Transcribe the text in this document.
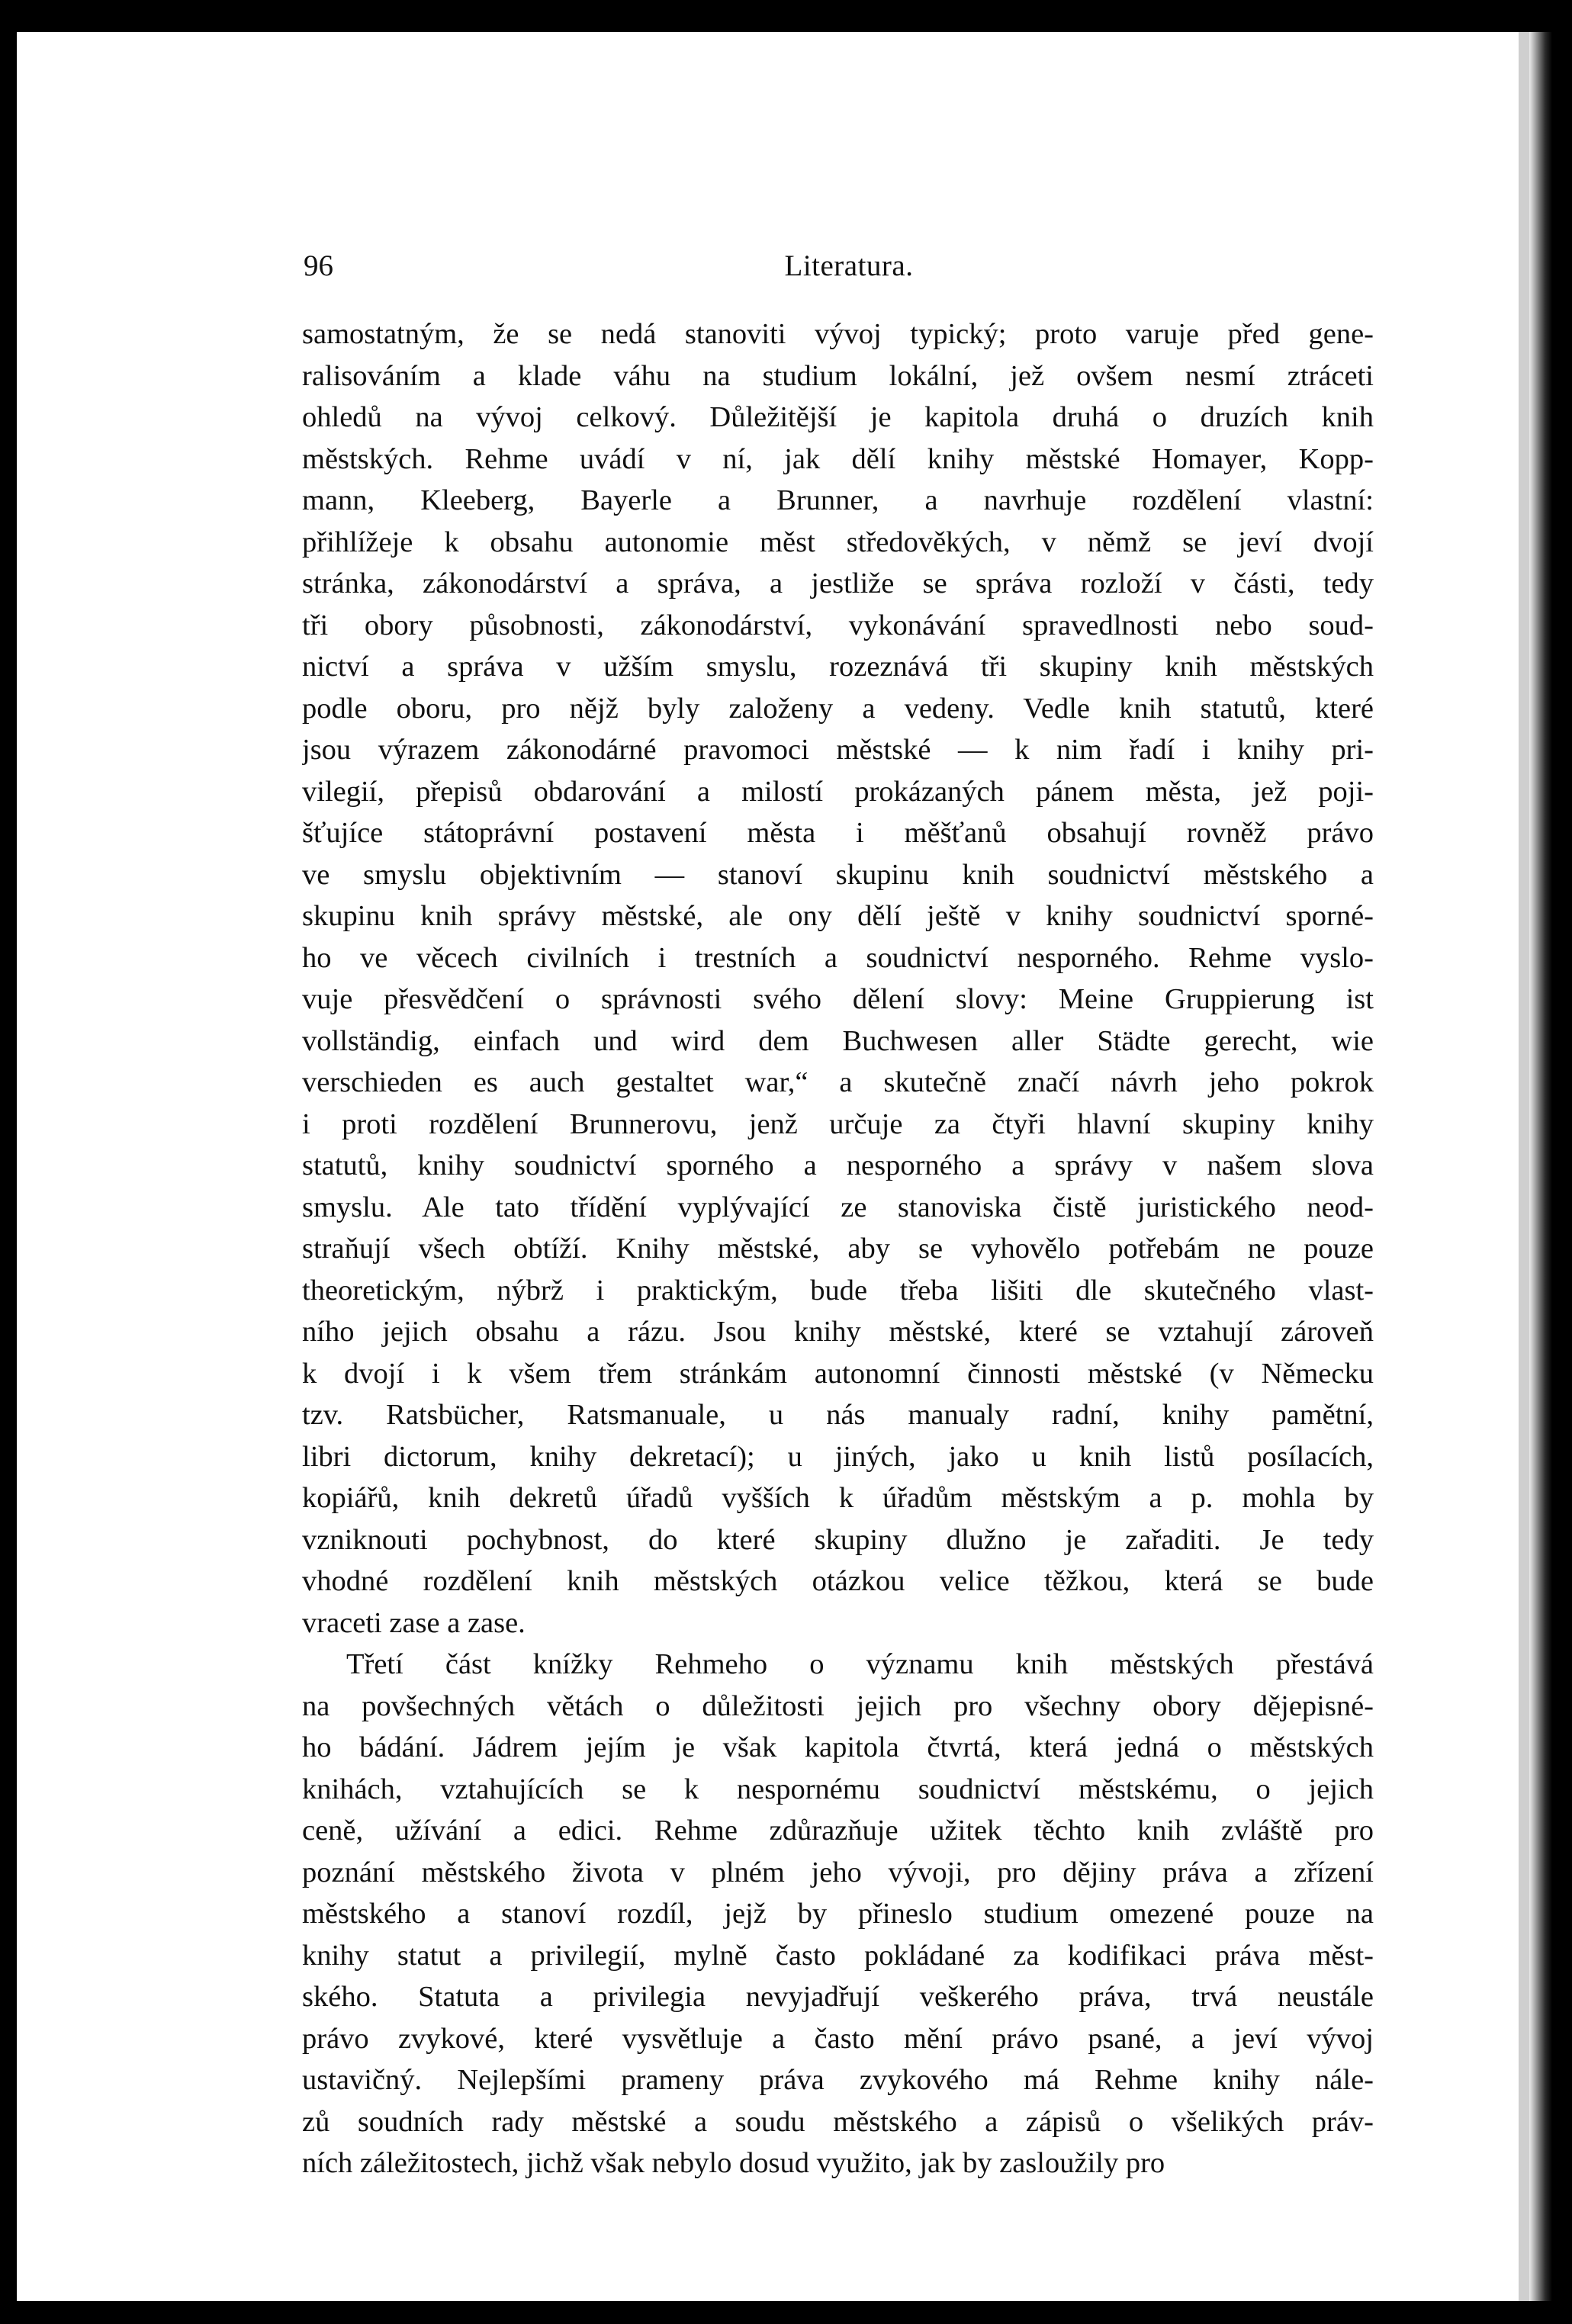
96	Literatura.
samostatným, že se nedá stanoviti vývoj typický; proto varuje před gene-
ralisováním a klade váhu na studium lokální, jež ovšem nesmí ztráceti
ohledů na vývoj celkový. Důležitější je kapitola druhá o druzích knih
městských. Rehme uvádí v ní, jak dělí knihy městské Homayer, Kopp-
mann, Kleeberg, Bayerle a Brunner, a navrhuje rozdělení vlastní:
přihlížeje k obsahu autonomie měst středověkých, v němž se jeví dvojí
stránka, zákonodárství a správa, a jestliže se správa rozloží v části, tedy
tři obory působnosti, zákonodárství, vykonávání spravedlnosti nebo soud-
nictví a správa v užším smyslu, rozeznává tři skupiny knih městských
podle oboru, pro nějž byly založeny a vedeny. Vedle knih statutů, které
jsou výrazem zákonodárné pravomoci městské — k nim řadí i knihy pri-
vilegií, přepisů obdarování a milostí prokázaných pánem města, jež poji-
šťujíce státoprávní postavení města i měšťanů obsahují rovněž právo
ve smyslu objektivním — stanoví skupinu knih soudnictví městského a
skupinu knih správy městské, ale ony dělí ještě v knihy soudnictví sporné-
ho ve věcech civilních i trestních a soudnictví nesporného. Rehme vyslo-
vuje přesvědčení o správnosti svého dělení slovy: Meine Gruppierung ist
vollständig, einfach und wird dem Buchwesen aller Städte gerecht, wie
verschieden es auch gestaltet war,“ a skutečně značí návrh jeho pokrok
i proti rozdělení Brunnerovu, jenž určuje za čtyři hlavní skupiny knihy
statutů, knihy soudnictví sporného a nesporného a správy v našem slova
smyslu. Ale tato třídění vyplývající ze stanoviska čistě juristického neod-
straňují všech obtíží. Knihy městské, aby se vyhovělo potřebám ne pouze
theoretickým, nýbrž i praktickým, bude třeba lišiti dle skutečného vlast-
ního jejich obsahu a rázu. Jsou knihy městské, které se vztahují zároveň
k dvojí i k všem třem stránkám autonomní činnosti městské (v Německu
tzv. Ratsbücher, Ratsmanuale, u nás manualy radní, knihy pamětní,
libri dictorum, knihy dekretací); u jiných, jako u knih listů posílacích,
kopiářů, knih dekretů úřadů vyšších k úřadům městským a p. mohla by
vzniknouti pochybnost, do které skupiny dlužno je zařaditi. Je tedy
vhodné rozdělení knih městských otázkou velice těžkou, která se bude
vraceti zase a zase.
Třetí část knížky Rehmeho o významu knih městských přestává
na povšechných větách o důležitosti jejich pro všechny obory dějepisné-
ho bádání. Jádrem jejím je však kapitola čtvrtá, která jedná o městských
knihách, vztahujících se k nespornému soudnictví městskému, o jejich
ceně, užívání a edici. Rehme zdůrazňuje užitek těchto knih zvláště pro
poznání městského života v plném jeho vývoji, pro dějiny práva a zřízení
městského a stanoví rozdíl, jejž by přineslo studium omezené pouze na
knihy statut a privilegií, mylně často pokládané za kodifikaci práva měst-
ského. Statuta a privilegia nevyjadřují veškerého práva, trvá neustále
právo zvykové, které vysvětluje a často mění právo psané, a jeví vývoj
ustavičný. Nejlepšími prameny práva zvykového má Rehme knihy nále-
zů soudních rady městské a soudu městského a zápisů o všelikých práv-
ních záležitostech, jichž však nebylo dosud využito, jak by zasloužily pro
